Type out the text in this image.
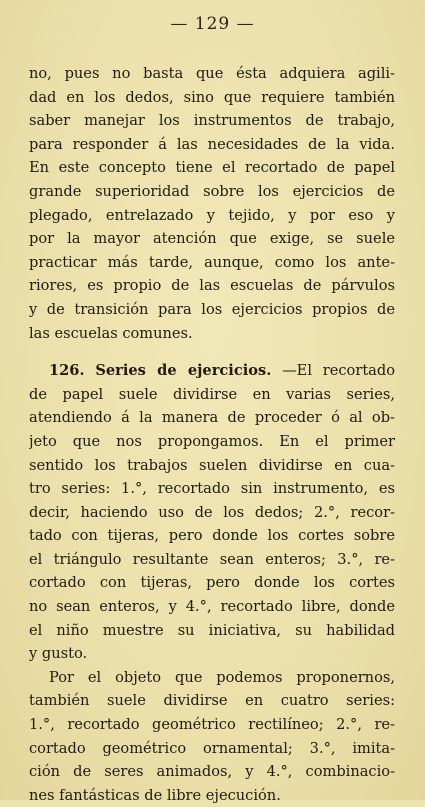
— 129 —
no, pues no basta que ésta adquiera agili-
dad en los dedos, sino que requiere también
saber manejar los instrumentos de trabajo,
para responder á las necesidades de la vida.
En este concepto tiene el recortado de papel
grande superioridad sobre los ejercicios de
plegado, entrelazado y tejido, y por eso y
por la mayor atención que exige, se suele
practicar más tarde, aunque, como los ante-
riores, es propio de las escuelas de párvulos
y de transición para los ejercicios propios de
las escuelas comunes.
126. Series de ejercicios. —El recortado
de papel suele dividirse en varias series,
atendiendo á la manera de proceder ó al ob-
jeto que nos propongamos. En el primer
sentido los trabajos suelen dividirse en cua-
tro series: 1.°, recortado sin instrumento, es
decir, haciendo uso de los dedos; 2.°, recor-
tado con tijeras, pero donde los cortes sobre
el triángulo resultante sean enteros; 3.°, re-
cortado con tijeras, pero donde los cortes
no sean enteros, y 4.°, recortado libre, donde
el niño muestre su iniciativa, su habilidad
y gusto.
Por el objeto que podemos proponernos,
también suele dividirse en cuatro series:
1.°, recortado geométrico rectilíneo; 2.°, re-
cortado geométrico ornamental; 3.°, imita-
ción de seres animados, y 4.°, combinacio-
nes fantásticas de libre ejecución.
